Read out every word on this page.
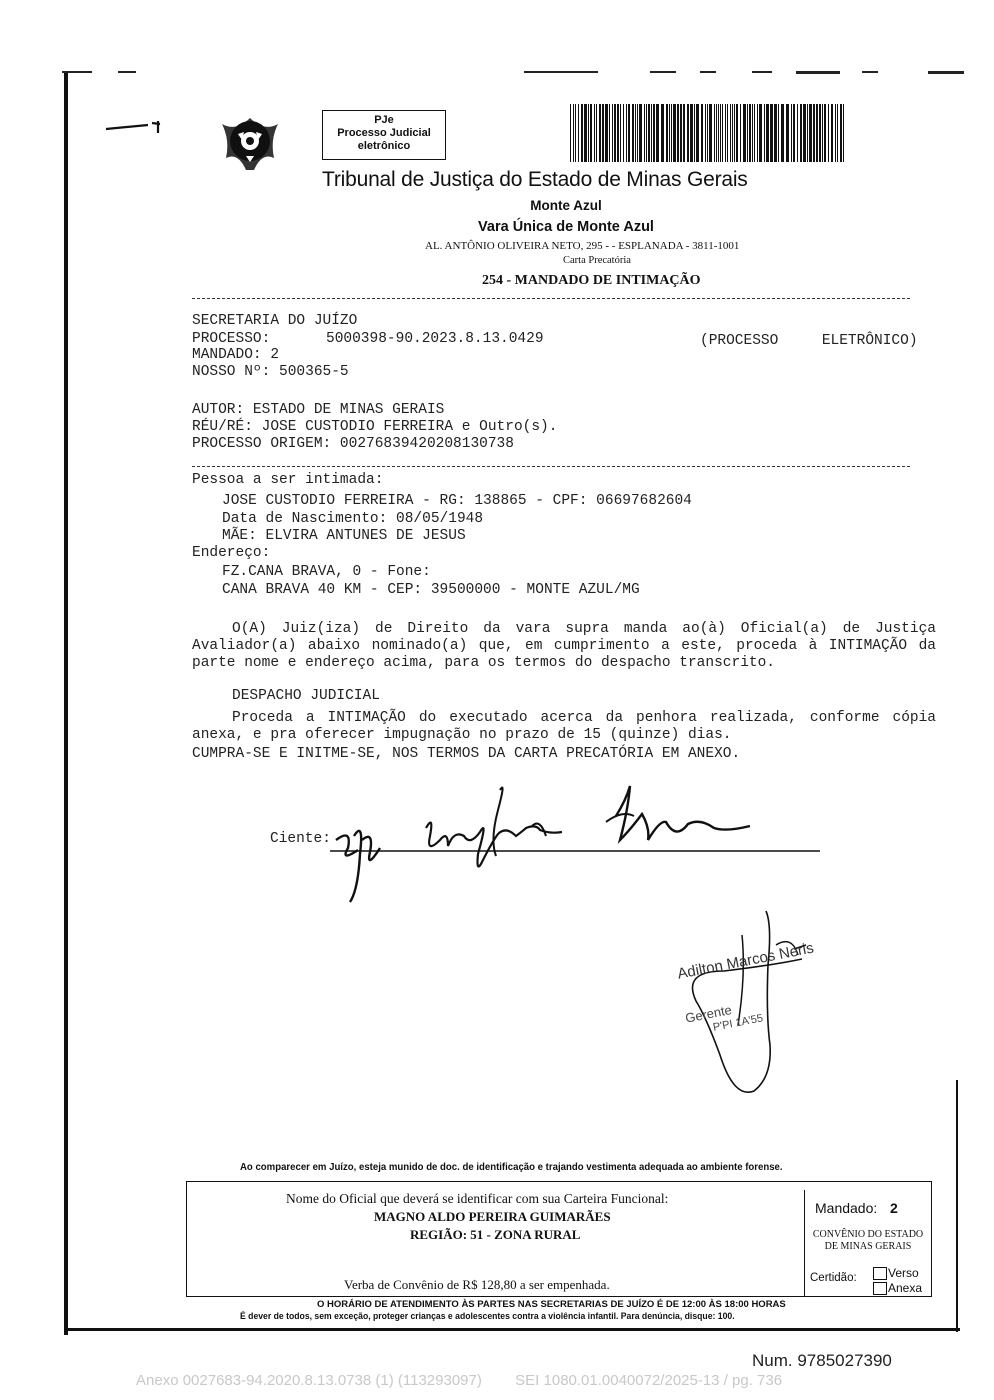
PJe
Processo Judicial
eletrônico
Tribunal de Justiça do Estado de Minas Gerais
Monte Azul
Vara Única de Monte Azul
AL. ANTÔNIO OLIVEIRA NETO, 295 - - ESPLANADA - 3811-1001
Carta Precatória
254 - MANDADO DE INTIMAÇÃO
SECRETARIA DO JUÍZO
PROCESSO:	5000398-90.2023.8.13.0429	(PROCESSO     ELETRÔNICO)
MANDADO: 2
NOSSO Nº: 500365-5
AUTOR: ESTADO DE MINAS GERAIS
RÉU/RÉ: JOSE CUSTODIO FERREIRA e Outro(s).
PROCESSO ORIGEM: 00276839420208130738
Pessoa a ser intimada:
JOSE CUSTODIO FERREIRA - RG: 138865 - CPF: 06697682604
Data de Nascimento: 08/05/1948
MÃE: ELVIRA ANTUNES DE JESUS
Endereço:
FZ.CANA BRAVA, 0 - Fone:
CANA BRAVA 40 KM - CEP: 39500000 - MONTE AZUL/MG
O(A) Juiz(iza) de Direito da vara supra manda ao(à) Oficial(a) de Justiça Avaliador(a) abaixo nominado(a) que, em cumprimento a este, proceda à INTIMAÇÃO da parte nome e endereço acima, para os termos do despacho transcrito.
DESPACHO JUDICIAL
Proceda a INTIMAÇÃO do executado acerca da penhora realizada, conforme cópia anexa, e pra oferecer impugnação no prazo de 15 (quinze) dias.
CUMPRA-SE E INITME-SE, NOS TERMOS DA CARTA PRECATÓRIA EM ANEXO.
Ciente:
Adilton Marcos Neris
Gerente
P'PI 1A'55
Ao comparecer em Juízo, esteja munido de doc. de identificação e trajando vestimenta adequada ao ambiente forense.
Nome do Oficial que deverá se identificar com sua Carteira Funcional:
MAGNO ALDO PEREIRA GUIMARÃES
REGIÃO: 51 - ZONA RURAL
Verba de Convênio de R$ 128,80 a ser empenhada.
Mandado: 2
CONVÊNIO DO ESTADO
DE MINAS GERAIS
Certidão:	Verso
Anexa
O HORÁRIO DE ATENDIMENTO ÀS PARTES NAS SECRETARIAS DE JUÍZO É DE 12:00 ÀS 18:00 HORAS
É dever de todos, sem exceção, proteger crianças e adolescentes contra a violência infantil. Para denúncia, disque: 100.
Num. 9785027390
Anexo 0027683-94.2020.8.13.0738 (1) (113293097)        SEI 1080.01.0040072/2025-13 / pg. 736
